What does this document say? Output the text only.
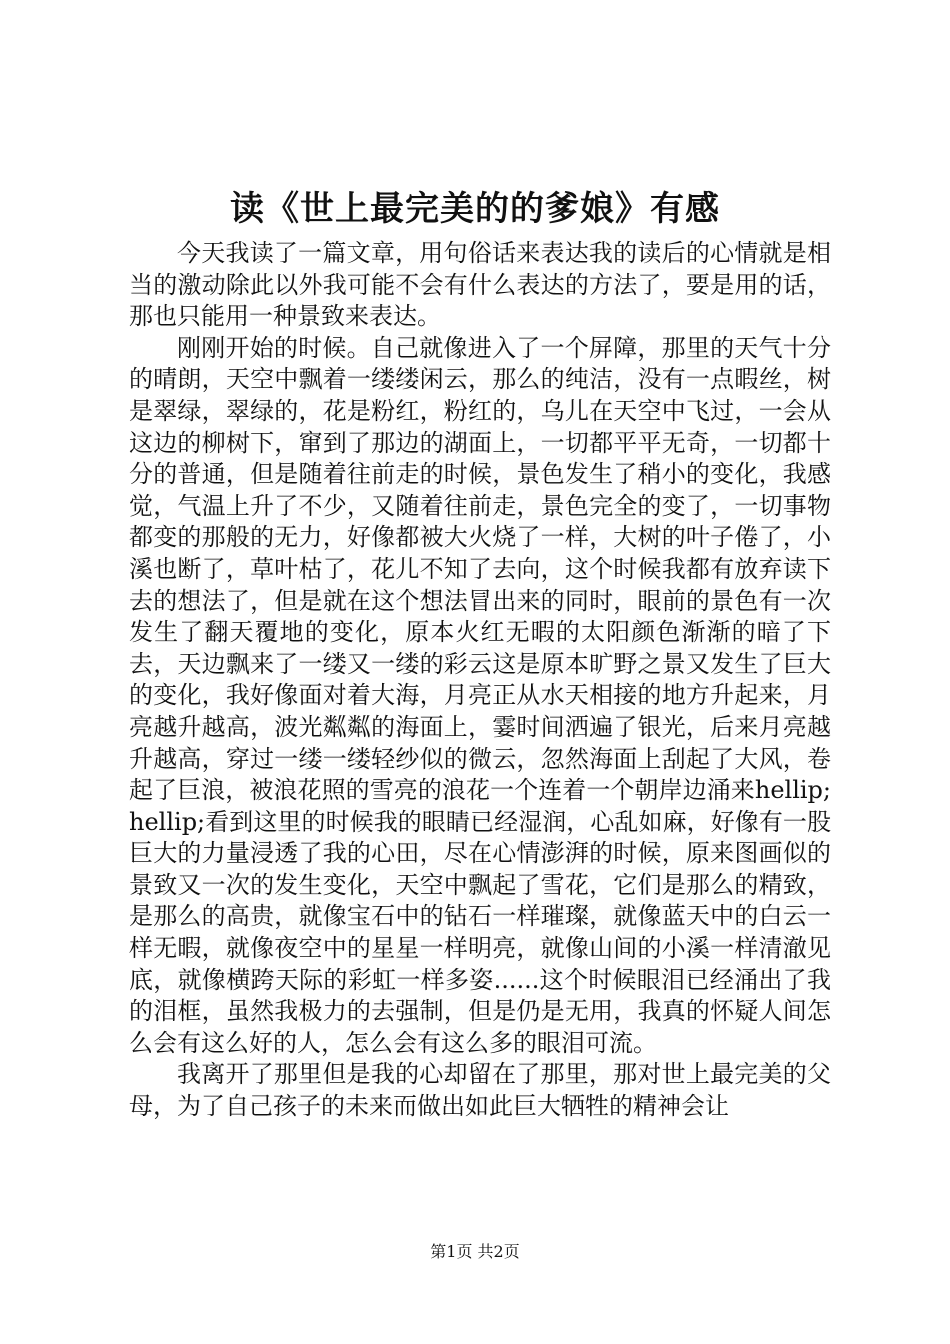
读《世上最完美的的爹娘》有感

今天我读了一篇文章，用句俗话来表达我的读后的心情就是相当的激动除此以外我可能不会有什么表达的方法了，要是用的话，那也只能用一种景致来表达。

刚刚开始的时候。自己就像进入了一个屏障，那里的天气十分的晴朗，天空中飘着一缕缕闲云，那么的纯洁，没有一点暇丝，树是翠绿，翠绿的，花是粉红，粉红的，乌儿在天空中飞过，一会从这边的柳树下，窜到了那边的湖面上，一切都平平无奇，一切都十分的普通，但是随着往前走的时候，景色发生了稍小的变化，我感觉，气温上升了不少，又随着往前走，景色完全的变了，一切事物都变的那般的无力，好像都被大火烧了一样，大树的叶子倦了，小溪也断了，草叶枯了，花儿不知了去向，这个时候我都有放弃读下去的想法了，但是就在这个想法冒出来的同时，眼前的景色有一次发生了翻天覆地的变化，原本火红无暇的太阳颜色渐渐的暗了下去，天边飘来了一缕又一缕的彩云这是原本旷野之景又发生了巨大的变化，我好像面对着大海，月亮正从水天相接的地方升起来，月亮越升越高，波光粼粼的海面上，霎时间洒遍了银光，后来月亮越升越高，穿过一缕一缕轻纱似的微云，忽然海面上刮起了大风，卷起了巨浪，被浪花照的雪亮的浪花一个连着一个朝岸边涌来hellip;hellip;看到这里的时候我的眼睛已经湿润，心乱如麻，好像有一股巨大的力量浸透了我的心田，尽在心情澎湃的时候，原来图画似的景致又一次的发生变化，天空中飘起了雪花，它们是那么的精致，是那么的高贵，就像宝石中的钻石一样璀璨，就像蓝天中的白云一样无暇，就像夜空中的星星一样明亮，就像山间的小溪一样清澈见底，就像横跨天际的彩虹一样多姿......这个时候眼泪已经涌出了我的泪框，虽然我极力的去强制，但是仍是无用，我真的怀疑人间怎么会有这么好的人，怎么会有这么多的眼泪可流。

我离开了那里但是我的心却留在了那里，那对世上最完美的父母，为了自己孩子的未来而做出如此巨大牺牲的精神会让

第1页 共2页
